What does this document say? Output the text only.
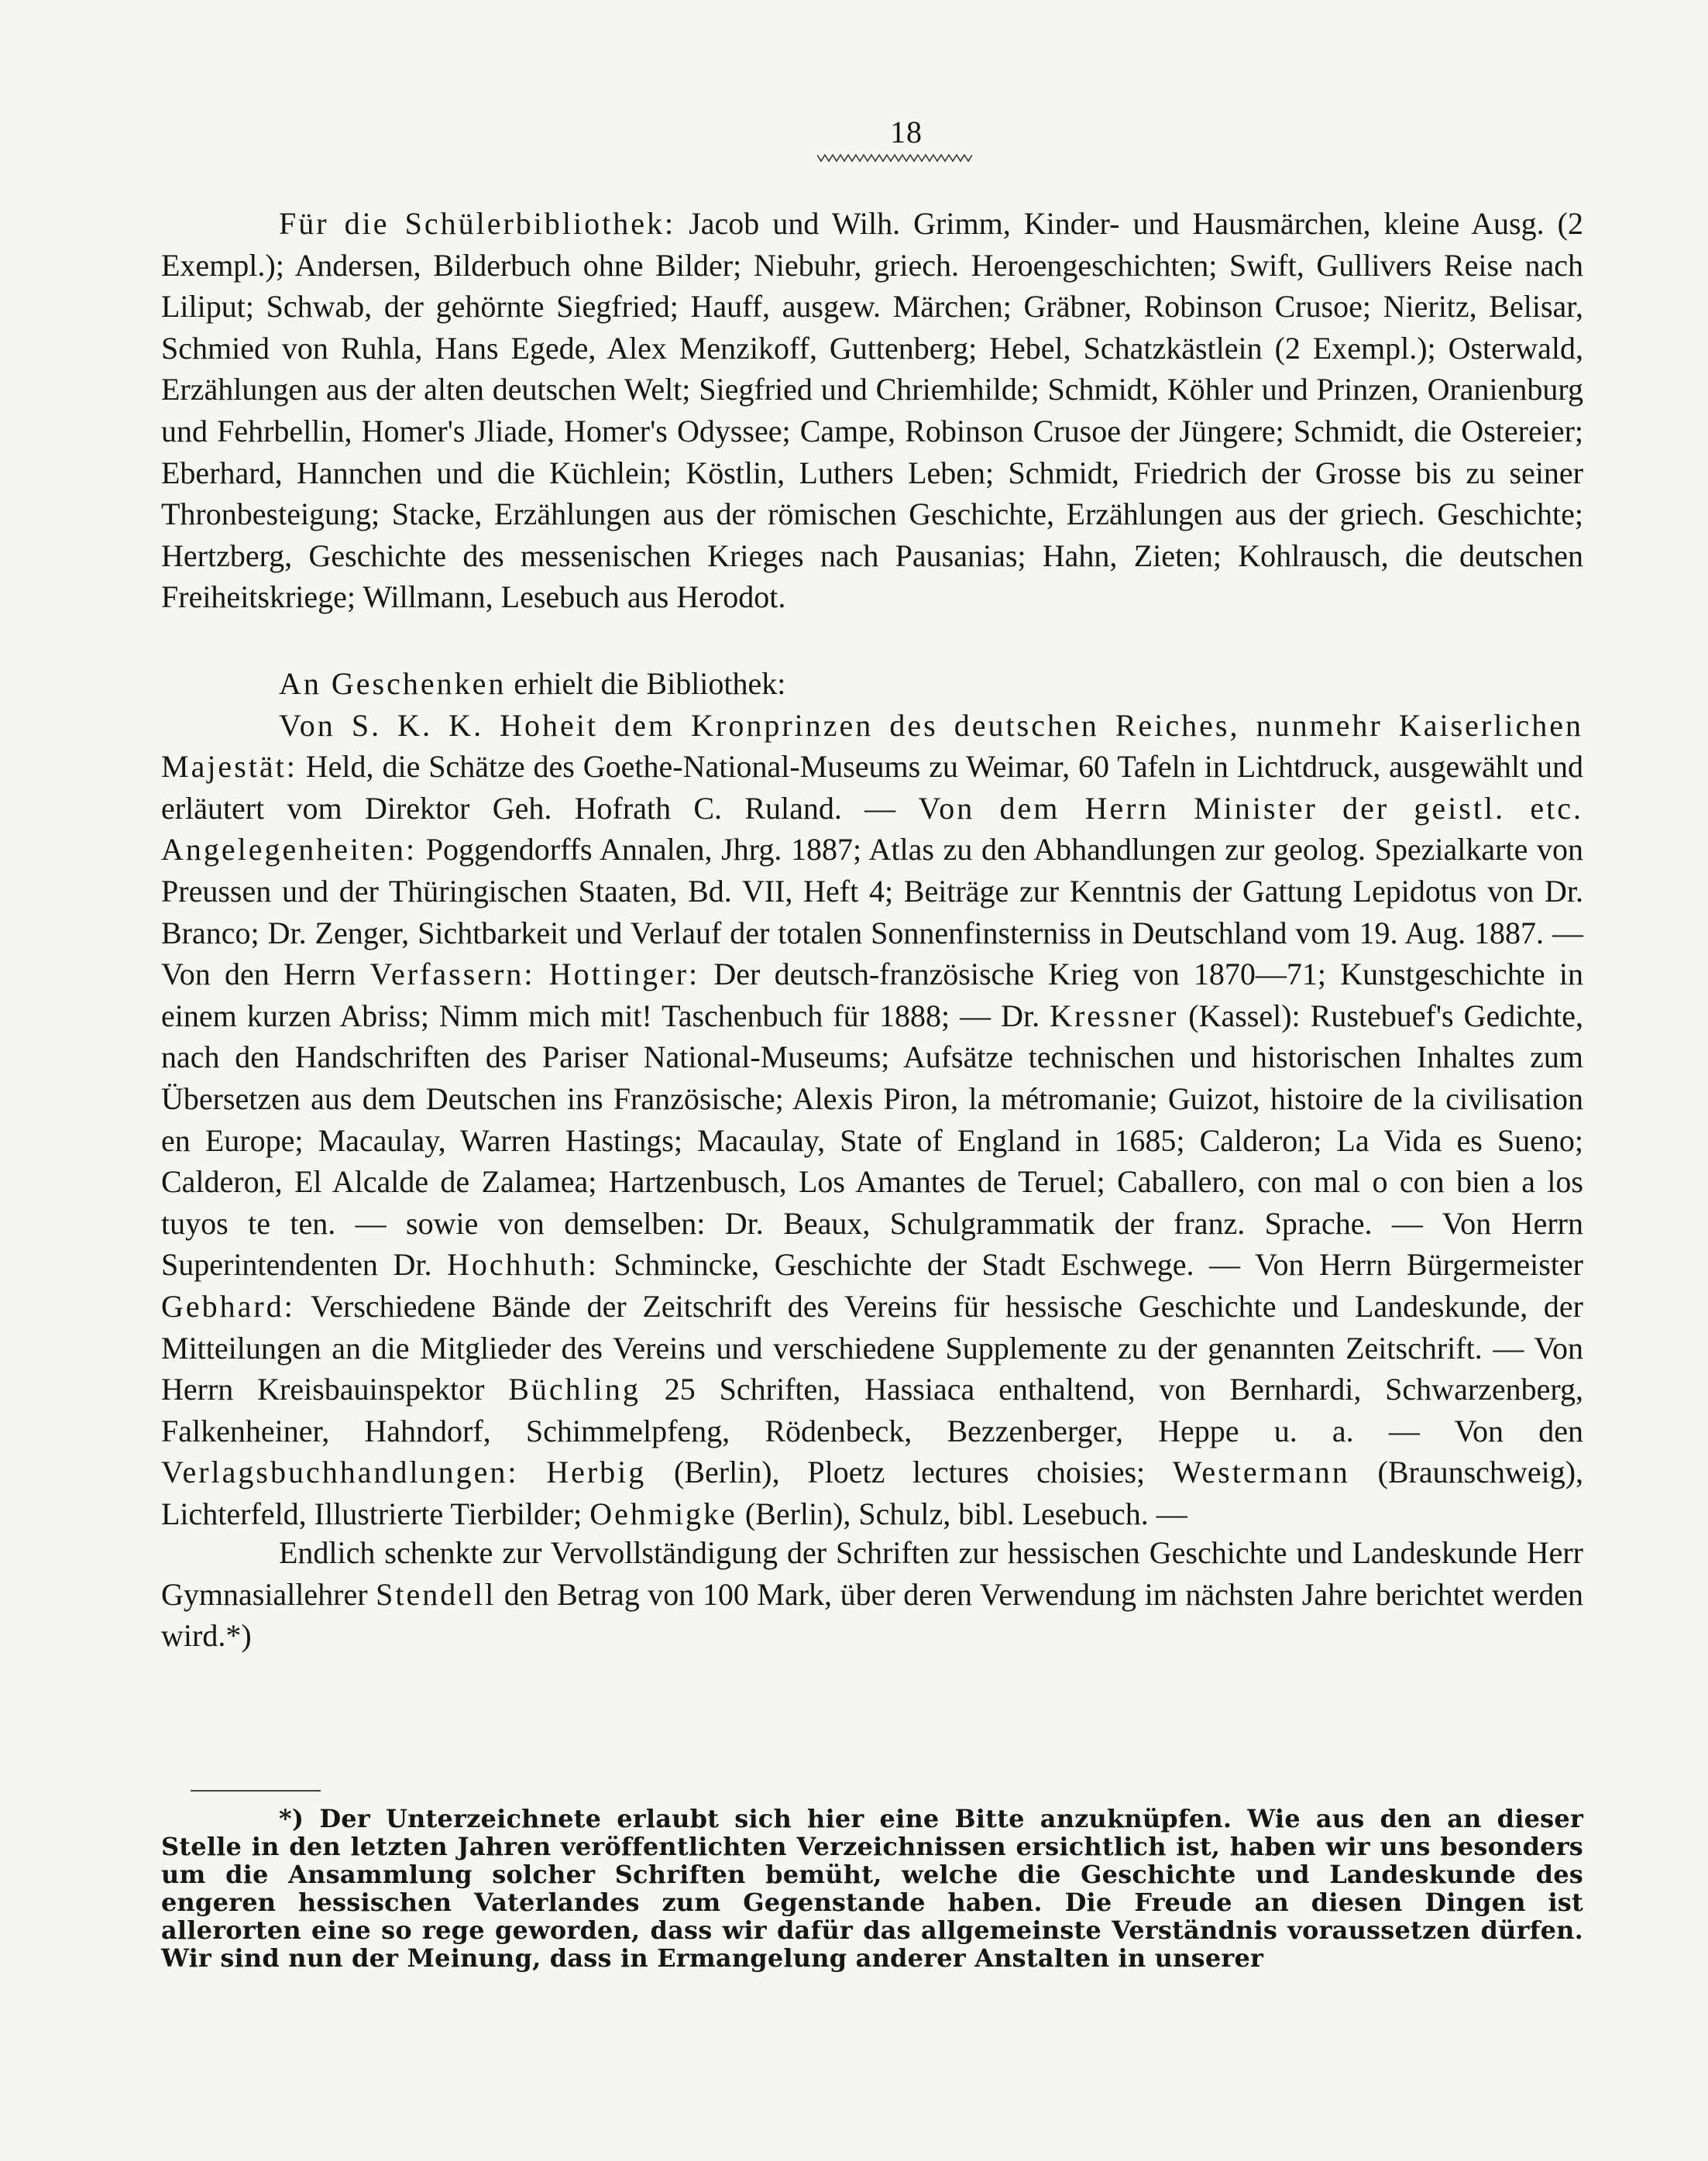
18

Für die Schülerbibliothek: Jacob und Wilh. Grimm, Kinder- und Hausmärchen, kleine Ausg. (2 Exempl.); Andersen, Bilderbuch ohne Bilder; Niebuhr, griech. Heroengeschichten; Swift, Gullivers Reise nach Liliput; Schwab, der gehörnte Siegfried; Hauff, ausgew. Märchen; Gräbner, Robinson Crusoe; Nieritz, Belisar, Schmied von Ruhla, Hans Egede, Alex Menzikoff, Guttenberg; Hebel, Schatzkästlein (2 Exempl.); Osterwald, Erzählungen aus der alten deutschen Welt; Siegfried und Chriemhilde; Schmidt, Köhler und Prinzen, Oranienburg und Fehrbellin, Homer's Jliade, Homer's Odyssee; Campe, Robinson Crusoe der Jüngere; Schmidt, die Ostereier; Eberhard, Hannchen und die Küchlein; Köstlin, Luthers Leben; Schmidt, Friedrich der Grosse bis zu seiner Thronbesteigung; Stacke, Erzählungen aus der römischen Geschichte, Erzählungen aus der griech. Geschichte; Hertzberg, Geschichte des messenischen Krieges nach Pausanias; Hahn, Zieten; Kohlrausch, die deutschen Freiheitskriege; Willmann, Lesebuch aus Herodot.

An Geschenken erhielt die Bibliothek:

Von S. K. K. Hoheit dem Kronprinzen des deutschen Reiches, nunmehr Kaiserlichen Majestät: Held, die Schätze des Goethe-National-Museums zu Weimar, 60 Tafeln in Lichtdruck, ausgewählt und erläutert vom Direktor Geh. Hofrath C. Ruland. — Von dem Herrn Minister der geistl. etc. Angelegenheiten: Poggendorffs Annalen, Jhrg. 1887; Atlas zu den Abhandlungen zur geolog. Spezialkarte von Preussen und der Thüringischen Staaten, Bd. VII, Heft 4; Beiträge zur Kenntnis der Gattung Lepidotus von Dr. Branco; Dr. Zenger, Sichtbarkeit und Verlauf der totalen Sonnenfinsterniss in Deutschland vom 19. Aug. 1887. — Von den Herrn Verfassern: Hottinger: Der deutsch-französische Krieg von 1870—71; Kunstgeschichte in einem kurzen Abriss; Nimm mich mit! Taschenbuch für 1888; — Dr. Kressner (Kassel): Rustebuef's Gedichte, nach den Handschriften des Pariser National-Museums; Aufsätze technischen und historischen Inhaltes zum Übersetzen aus dem Deutschen ins Französische; Alexis Piron, la métromanie; Guizot, histoire de la civilisation en Europe; Macaulay, Warren Hastings; Macaulay, State of England in 1685; Calderon; La Vida es Sueno; Calderon, El Alcalde de Zalamea; Hartzenbusch, Los Amantes de Teruel; Caballero, con mal o con bien a los tuyos te ten. — sowie von demselben: Dr. Beaux, Schulgrammatik der franz. Sprache. — Von Herrn Superintendenten Dr. Hochhuth: Schmincke, Geschichte der Stadt Eschwege. — Von Herrn Bürgermeister Gebhard: Verschiedene Bände der Zeitschrift des Vereins für hessische Geschichte und Landeskunde, der Mitteilungen an die Mitglieder des Vereins und verschiedene Supplemente zu der genannten Zeitschrift. — Von Herrn Kreisbauinspektor Büchling 25 Schriften, Hassiaca enthaltend, von Bernhardi, Schwarzenberg, Falkenheiner, Hahndorf, Schimmelpfeng, Rödenbeck, Bezzenberger, Heppe u. a. — Von den Verlagsbuchhandlungen: Herbig (Berlin), Ploetz lectures choisies; Westermann (Braunschweig), Lichterfeld, Illustrierte Tierbilder; Oehmigke (Berlin), Schulz, bibl. Lesebuch. —

Endlich schenkte zur Vervollständigung der Schriften zur hessischen Geschichte und Landeskunde Herr Gymnasiallehrer Stendell den Betrag von 100 Mark, über deren Verwendung im nächsten Jahre berichtet werden wird.*)

*) Der Unterzeichnete erlaubt sich hier eine Bitte anzuknüpfen. Wie aus den an dieser Stelle in den letzten Jahren veröffentlichten Verzeichnissen ersichtlich ist, haben wir uns besonders um die Ansammlung solcher Schriften bemüht, welche die Geschichte und Landeskunde des engeren hessischen Vaterlandes zum Gegenstande haben. Die Freude an diesen Dingen ist allerorten eine so rege geworden, dass wir dafür das allgemeinste Verständnis voraussetzen dürfen. Wir sind nun der Meinung, dass in Ermangelung anderer Anstalten in unserer
